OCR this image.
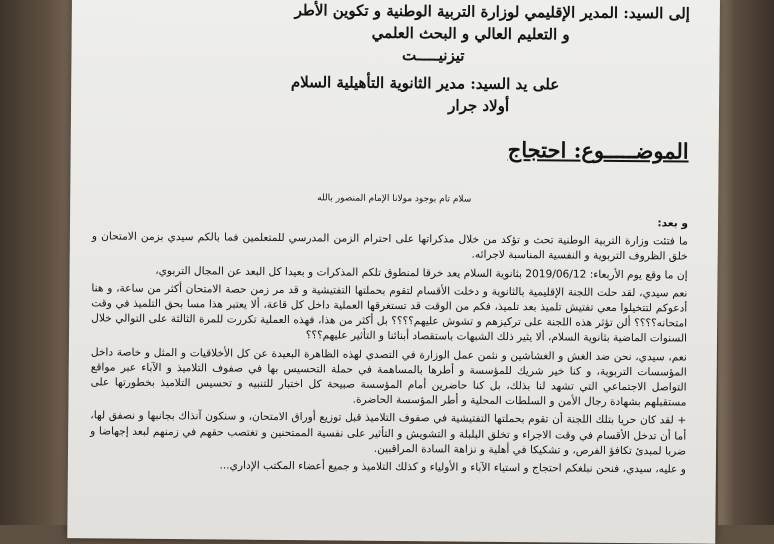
إلى السيد: المدير الإقليمي لوزارة التربية الوطنية و تكوين الأطر
و التعليم العالي و البحث العلمي
تيزنيـــــت
على يد السيد: مدير الثانوية التأهيلية السلام
أولاد جرار
الموضـــــوع: احتجاج
سلام تام بوجود مولانا الإمام المنصور بالله

و بعد:

ما فتئت وزارة التربية الوطنية تحث و تؤكد من خلال مذكراتها على احترام الزمن المدرسي للمتعلمين فما بالكم سيدي بزمن الامتحان و خلق الظروف التربوية و النفسية المناسبة لاجرائه.

إن ما وقع يوم الأربعاء: 2019/06/12 بثانوية السلام يعد خرقا لمنطوق تلكم المذكرات و بعيدا كل البعد عن المجال التربوي،

نعم سيدي، لقد حلت اللجنة الإقليمية بالثانوية و دخلت الأقسام لتقوم بحملتها التفتيشية و قد مر زمن حصة الامتحان أكثر من ساعة، و هنا أدعوكم لتتخيلوا معي تفتيش تلميذ بعد تلميذ، فكم من الوقت قد تستغرقها العملية داخل كل قاعة، ألا يعتبر هذا مسا بحق التلميذ في وقت امتحانه؟؟؟؟ ألن تؤثر هذه اللجنة على تركيزهم و تشوش عليهم؟؟؟؟ بل أكثر من هذا، فهذه العملية تكررت للمرة الثالثة على التوالي خلال السنوات الماضية بثانوية السلام، ألا يثير ذلك الشبهات باستقصاد أبنائنا و التأثير عليهم؟؟؟

نعم، سيدي، نحن ضد الغش و الغشاشين و نثمن عمل الوزارة في التصدي لهذه الظاهرة البعيدة عن كل الأخلاقيات و المثل و خاصة داخل المؤسسات التربوية، و كنا خير شريك للمؤسسة و أطرها بالمساهمة في حملة التحسيس بها في صفوف التلاميذ و الآباء عبر مواقع التواصل الاجتماعي التي تشهد لنا بذلك، بل كنا حاضرين أمام المؤسسة صبيحة كل اختبار للتنبيه و تحسيس التلاميذ بخطورتها على مستقبلهم بشهادة رجال الأمن و السلطات المحلية و أطر المؤسسة الحاضرة.

+ لقد كان حريا بتلك اللجنة أن تقوم بحملتها التفتيشية في صفوف التلاميذ قبل توزيع أوراق الامتحان، و سنكون آنذاك بجانبها و نصفق لها، أما أن تدخل الأقسام في وقت الاجراء و تخلق البلبلة و التشويش و التأثير على نفسية الممتحنين و تغتصب حقهم في زمنهم لبعد إجهاضا و ضربا لمبدئ تكافؤ الفرص، و تشكيكا في أهلية و نزاهة السادة المراقبين.

و عليه، سيدي، فنحن نبلغكم احتجاج و استياء الآباء و الأولياء و كذلك التلاميذ و جميع أعضاء المكتب الإداري...
